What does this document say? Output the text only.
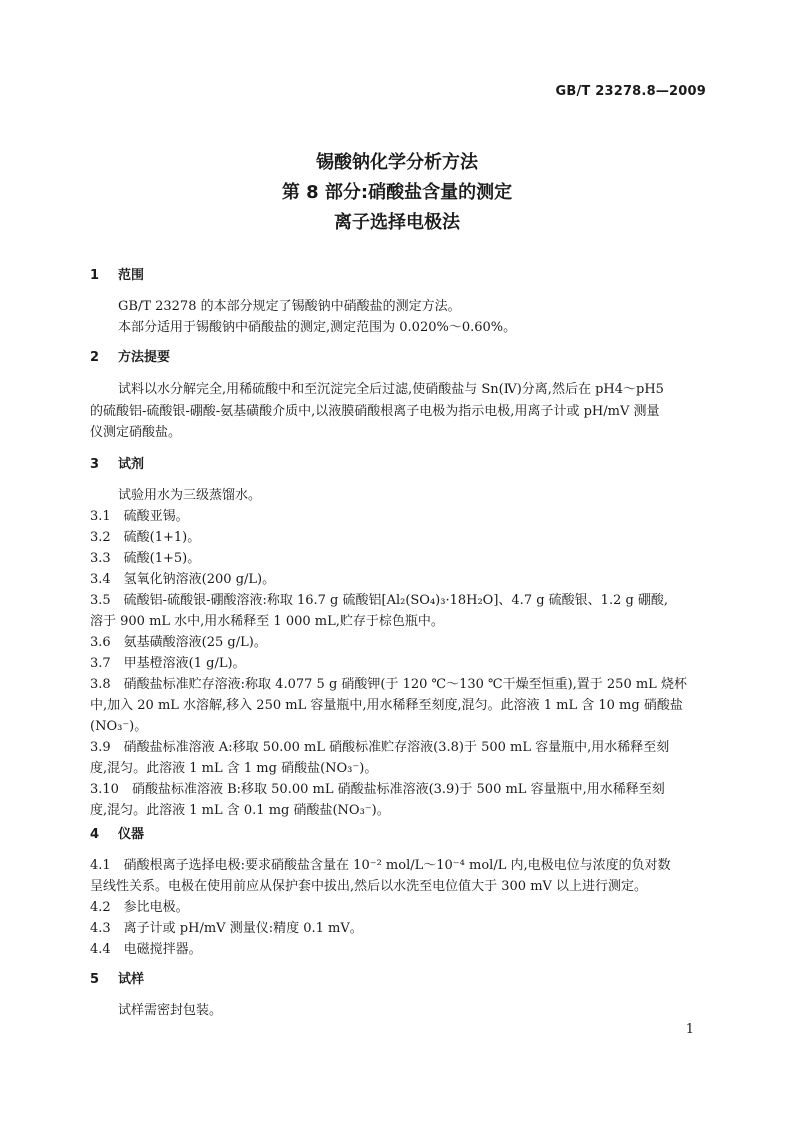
GB/T 23278.8—2009
锡酸钠化学分析方法
第 8 部分:硝酸盐含量的测定
离子选择电极法
1 范围
GB/T 23278 的本部分规定了锡酸钠中硝酸盐的测定方法。
本部分适用于锡酸钠中硝酸盐的测定,测定范围为 0.020%～0.60%。
2 方法提要
试料以水分解完全,用稀硫酸中和至沉淀完全后过滤,使硝酸盐与 Sn(Ⅳ)分离,然后在 pH4～pH5
的硫酸铝-硫酸银-硼酸-氨基磺酸介质中,以液膜硝酸根离子电极为指示电极,用离子计或 pH/mV 测量
仪测定硝酸盐。
3 试剂
试验用水为三级蒸馏水。
3.1　硫酸亚锡。
3.2　硫酸(1+1)。
3.3　硫酸(1+5)。
3.4　氢氧化钠溶液(200 g/L)。
3.5　硫酸铝-硫酸银-硼酸溶液:称取 16.7 g 硫酸铝[Al₂(SO₄)₃·18H₂O]、4.7 g 硫酸银、1.2 g 硼酸,
溶于 900 mL 水中,用水稀释至 1 000 mL,贮存于棕色瓶中。
3.6　氨基磺酸溶液(25 g/L)。
3.7　甲基橙溶液(1 g/L)。
3.8　硝酸盐标准贮存溶液:称取 4.077 5 g 硝酸钾(于 120 ℃～130 ℃干燥至恒重),置于 250 mL 烧杯
中,加入 20 mL 水溶解,移入 250 mL 容量瓶中,用水稀释至刻度,混匀。此溶液 1 mL 含 10 mg 硝酸盐
(NO₃⁻)。
3.9　硝酸盐标准溶液 A:移取 50.00 mL 硝酸标准贮存溶液(3.8)于 500 mL 容量瓶中,用水稀释至刻
度,混匀。此溶液 1 mL 含 1 mg 硝酸盐(NO₃⁻)。
3.10　硝酸盐标准溶液 B:移取 50.00 mL 硝酸盐标准溶液(3.9)于 500 mL 容量瓶中,用水稀释至刻
度,混匀。此溶液 1 mL 含 0.1 mg 硝酸盐(NO₃⁻)。
4 仪器
4.1　硝酸根离子选择电极:要求硝酸盐含量在 10⁻² mol/L～10⁻⁴ mol/L 内,电极电位与浓度的负对数
呈线性关系。电极在使用前应从保护套中拔出,然后以水洗至电位值大于 300 mV 以上进行测定。
4.2　参比电极。
4.3　离子计或 pH/mV 测量仪:精度 0.1 mV。
4.4　电磁搅拌器。
5 试样
试样需密封包装。
1
